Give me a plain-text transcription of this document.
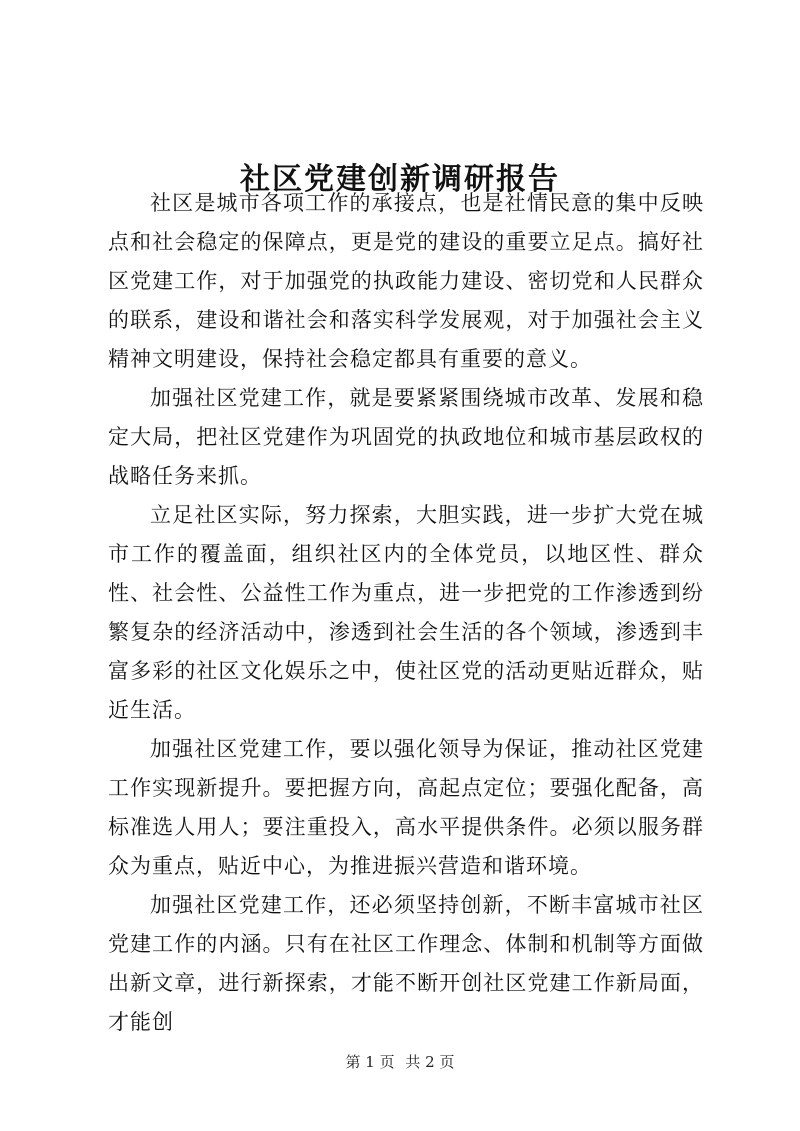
社区党建创新调研报告

社区是城市各项工作的承接点，也是社情民意的集中反映点和社会稳定的保障点，更是党的建设的重要立足点。搞好社区党建工作，对于加强党的执政能力建设、密切党和人民群众的联系，建设和谐社会和落实科学发展观，对于加强社会主义精神文明建设，保持社会稳定都具有重要的意义。

加强社区党建工作，就是要紧紧围绕城市改革、发展和稳定大局，把社区党建作为巩固党的执政地位和城市基层政权的战略任务来抓。

立足社区实际，努力探索，大胆实践，进一步扩大党在城市工作的覆盖面，组织社区内的全体党员，以地区性、群众性、社会性、公益性工作为重点，进一步把党的工作渗透到纷繁复杂的经济活动中，渗透到社会生活的各个领域，渗透到丰富多彩的社区文化娱乐之中，使社区党的活动更贴近群众，贴近生活。

加强社区党建工作，要以强化领导为保证，推动社区党建工作实现新提升。要把握方向，高起点定位；要强化配备，高标准选人用人；要注重投入，高水平提供条件。必须以服务群众为重点，贴近中心，为推进振兴营造和谐环境。

加强社区党建工作，还必须坚持创新，不断丰富城市社区党建工作的内涵。只有在社区工作理念、体制和机制等方面做出新文章，进行新探索，才能不断开创社区党建工作新局面，才能创

第 1 页 共 2 页
